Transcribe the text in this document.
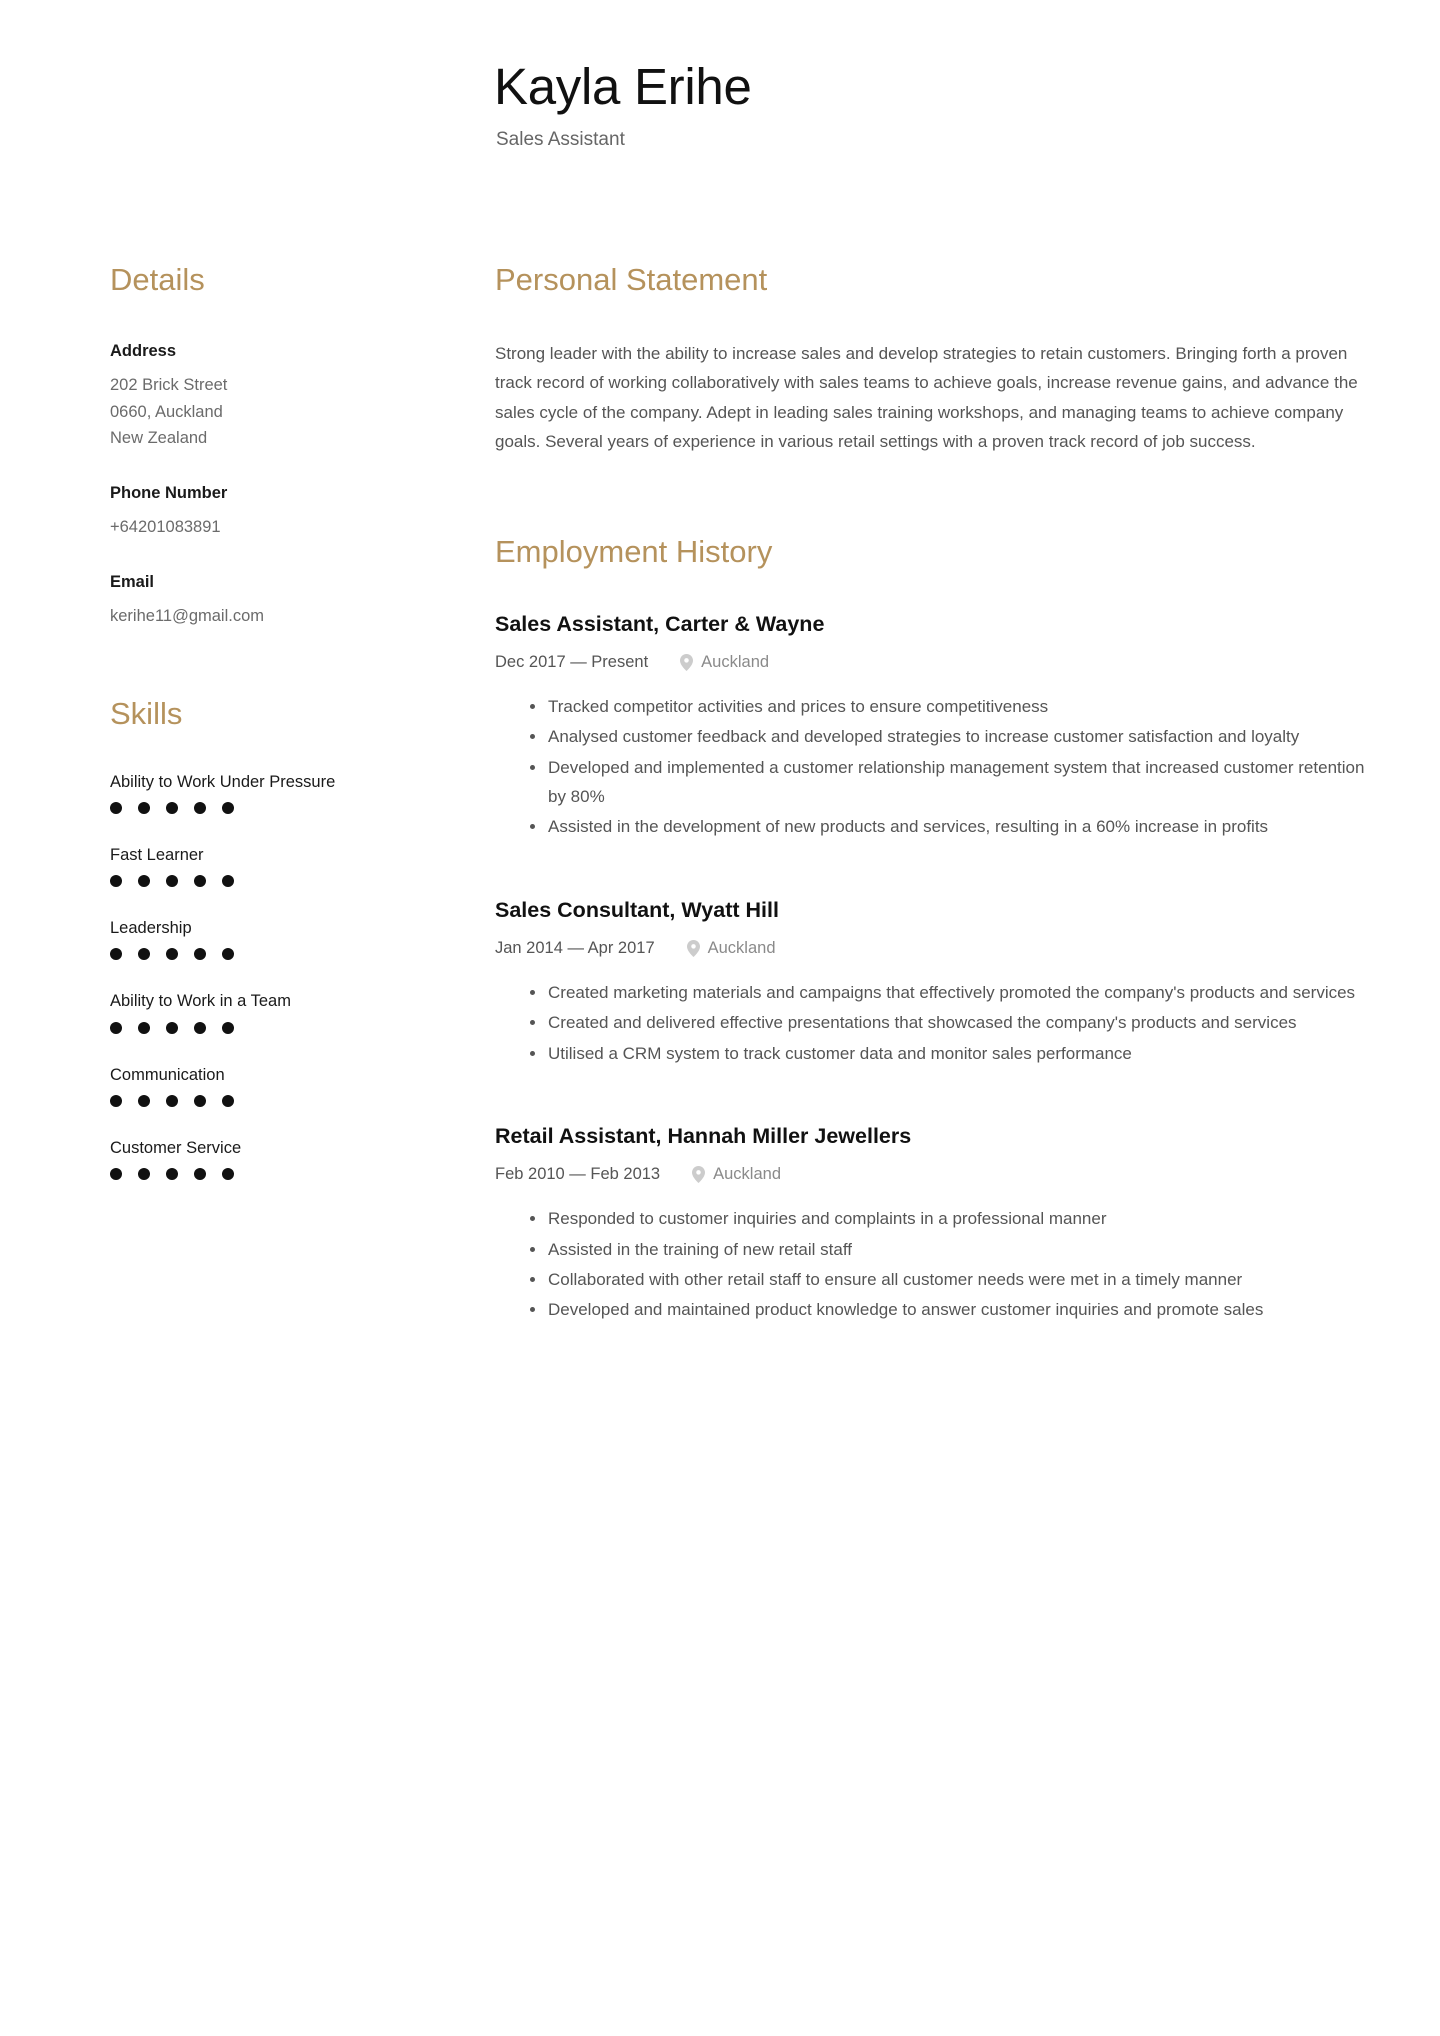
Kayla Erihe
Sales Assistant
Details
Address
202 Brick Street
0660, Auckland
New Zealand
Phone Number
+64201083891
Email
kerihe11@gmail.com
Skills
Ability to Work Under Pressure
Fast Learner
Leadership
Ability to Work in a Team
Communication
Customer Service
Personal Statement

Strong leader with the ability to increase sales and develop strategies to retain customers. Bringing forth a proven track record of working collaboratively with sales teams to achieve goals, increase revenue gains, and advance the sales cycle of the company. Adept in leading sales training workshops, and managing teams to achieve company goals. Several years of experience in various retail settings with a proven track record of job success.

Employment History
Sales Assistant, Carter & Wayne
Dec 2017 — Present	Auckland
Tracked competitor activities and prices to ensure competitiveness
Analysed customer feedback and developed strategies to increase customer satisfaction and loyalty
Developed and implemented a customer relationship management system that increased customer retention by 80%
Assisted in the development of new products and services, resulting in a 60% increase in profits
Sales Consultant, Wyatt Hill
Jan 2014 — Apr 2017	Auckland
Created marketing materials and campaigns that effectively promoted the company's products and services
Created and delivered effective presentations that showcased the company's products and services
Utilised a CRM system to track customer data and monitor sales performance
Retail Assistant, Hannah Miller Jewellers
Feb 2010 — Feb 2013	Auckland
Responded to customer inquiries and complaints in a professional manner
Assisted in the training of new retail staff
Collaborated with other retail staff to ensure all customer needs were met in a timely manner
Developed and maintained product knowledge to answer customer inquiries and promote sales
